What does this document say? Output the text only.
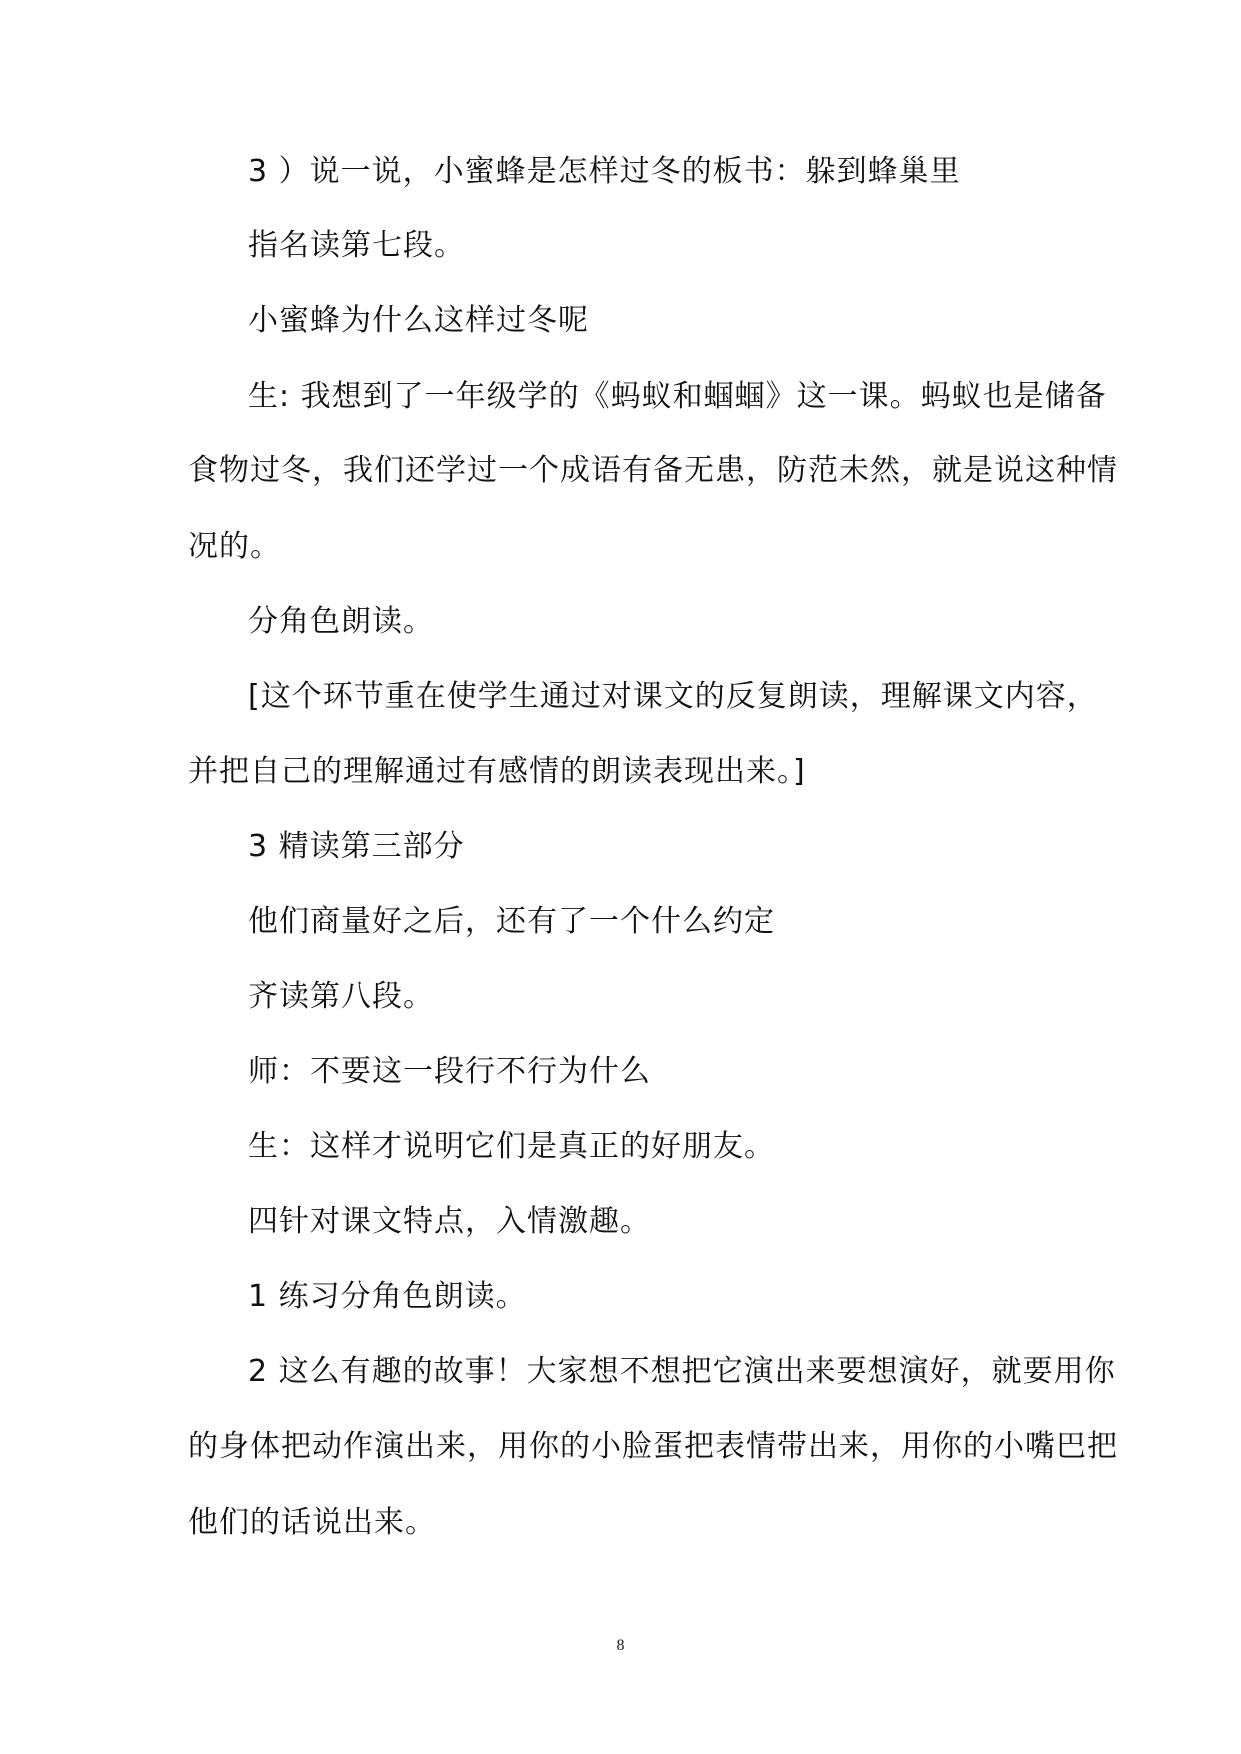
3 ）说一说，小蜜蜂是怎样过冬的板书：躲到蜂巢里
指名读第七段。
小蜜蜂为什么这样过冬呢
生: 我想到了一年级学的《蚂蚁和蝈蝈》这一课。蚂蚁也是储备
食物过冬，我们还学过一个成语有备无患，防范未然，就是说这种情
况的。
分角色朗读。
[这个环节重在使学生通过对课文的反复朗读，理解课文内容，
并把自己的理解通过有感情的朗读表现出来。]
3 精读第三部分
他们商量好之后，还有了一个什么约定
齐读第八段。
师：不要这一段行不行为什么
生：这样才说明它们是真正的好朋友。
四针对课文特点，入情激趣。
1 练习分角色朗读。
2 这么有趣的故事！大家想不想把它演出来要想演好，就要用你
的身体把动作演出来，用你的小脸蛋把表情带出来，用你的小嘴巴把
他们的话说出来。
8
